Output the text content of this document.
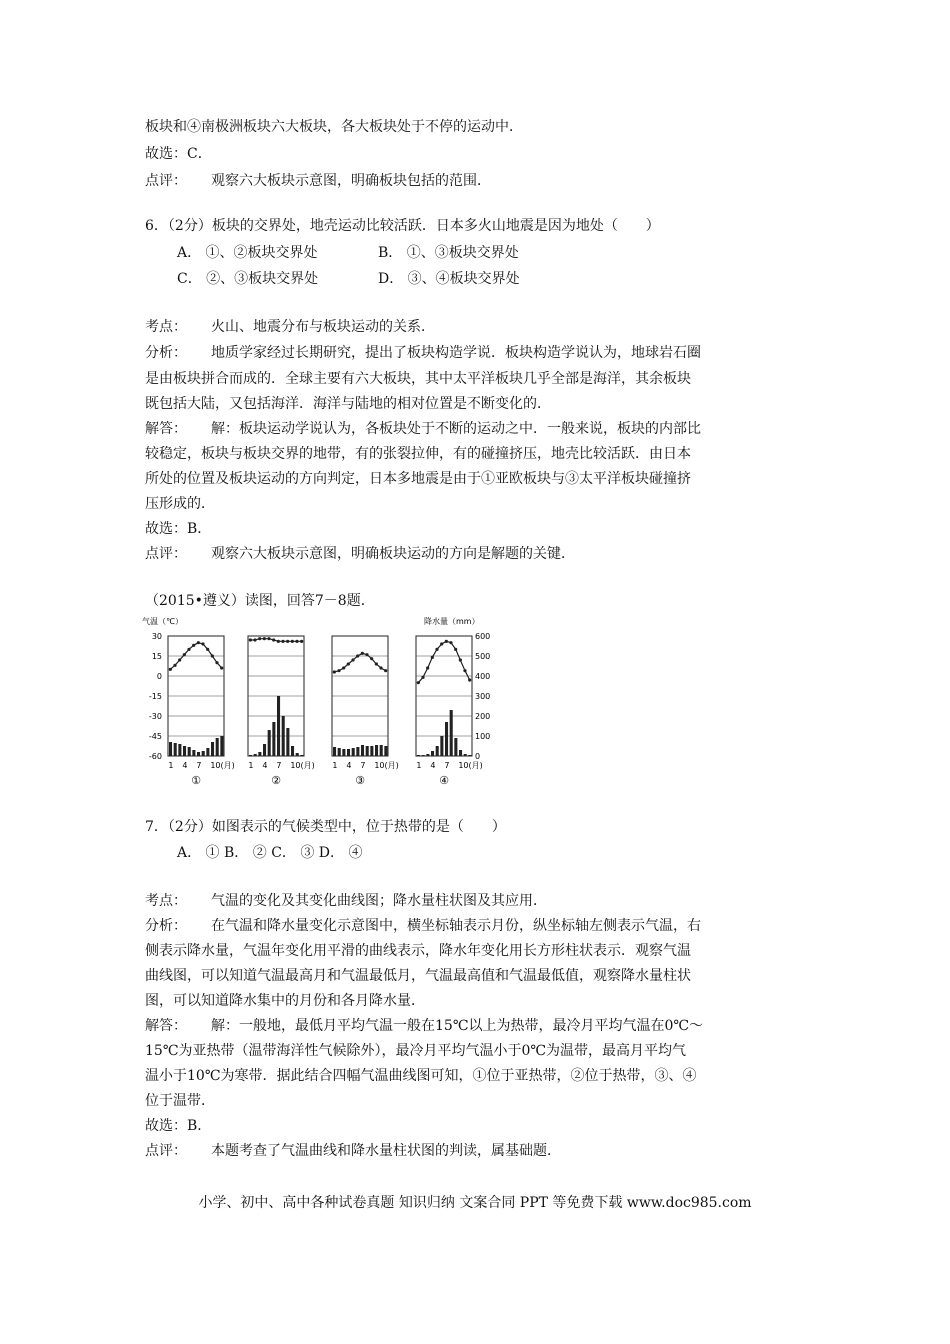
板块和④南极洲板块六大板块，各大板块处于不停的运动中．
故选：C．
点评： 观察六大板块示意图，明确板块包括的范围．
6．（2分）板块的交界处，地壳运动比较活跃．日本多火山地震是因为地处（　　）
A． ①、②板块交界处	B． ①、③板块交界处
C． ②、③板块交界处	D． ③、④板块交界处
考点： 火山、地震分布与板块运动的关系．
分析： 地质学家经过长期研究，提出了板块构造学说．板块构造学说认为，地球岩石圈
是由板块拼合而成的．全球主要有六大板块，其中太平洋板块几乎全部是海洋，其余板块
既包括大陆，又包括海洋．海洋与陆地的相对位置是不断变化的．
解答： 解：板块运动学说认为，各板块处于不断的运动之中．一般来说，板块的内部比
较稳定，板块与板块交界的地带，有的张裂拉伸，有的碰撞挤压，地壳比较活跃．由日本
所处的位置及板块运动的方向判定，日本多地震是由于①亚欧板块与③太平洋板块碰撞挤
压形成的．
故选：B．
点评： 观察六大板块示意图，明确板块运动的方向是解题的关键．
（2015•遵义）读图，回答7－8题．
气温（℃）	降水量（mm）
30
15
0
-15
-30
-45
-60
600
500
400
300
200
100
0
1 4 7 10(月)
①
1 4 7 10(月)
②
1 4 7 10(月)
③
1 4 7 10(月)
④
7．（2分）如图表示的气候类型中，位于热带的是（　　）
A． ① B． ② C． ③ D． ④
考点： 气温的变化及其变化曲线图；降水量柱状图及其应用．
分析： 在气温和降水量变化示意图中，横坐标轴表示月份，纵坐标轴左侧表示气温，右
侧表示降水量，气温年变化用平滑的曲线表示，降水年变化用长方形柱状表示．观察气温
曲线图，可以知道气温最高月和气温最低月，气温最高值和气温最低值，观察降水量柱状
图，可以知道降水集中的月份和各月降水量．
解答： 解：一般地，最低月平均气温一般在15℃以上为热带，最冷月平均气温在0℃～
15℃为亚热带（温带海洋性气候除外），最冷月平均气温小于0℃为温带，最高月平均气
温小于10℃为寒带．据此结合四幅气温曲线图可知，①位于亚热带，②位于热带，③、④
位于温带．
故选：B．
点评： 本题考查了气温曲线和降水量柱状图的判读，属基础题．
小学、初中、高中各种试卷真题 知识归纳 文案合同 PPT 等免费下载 www.doc985.com
